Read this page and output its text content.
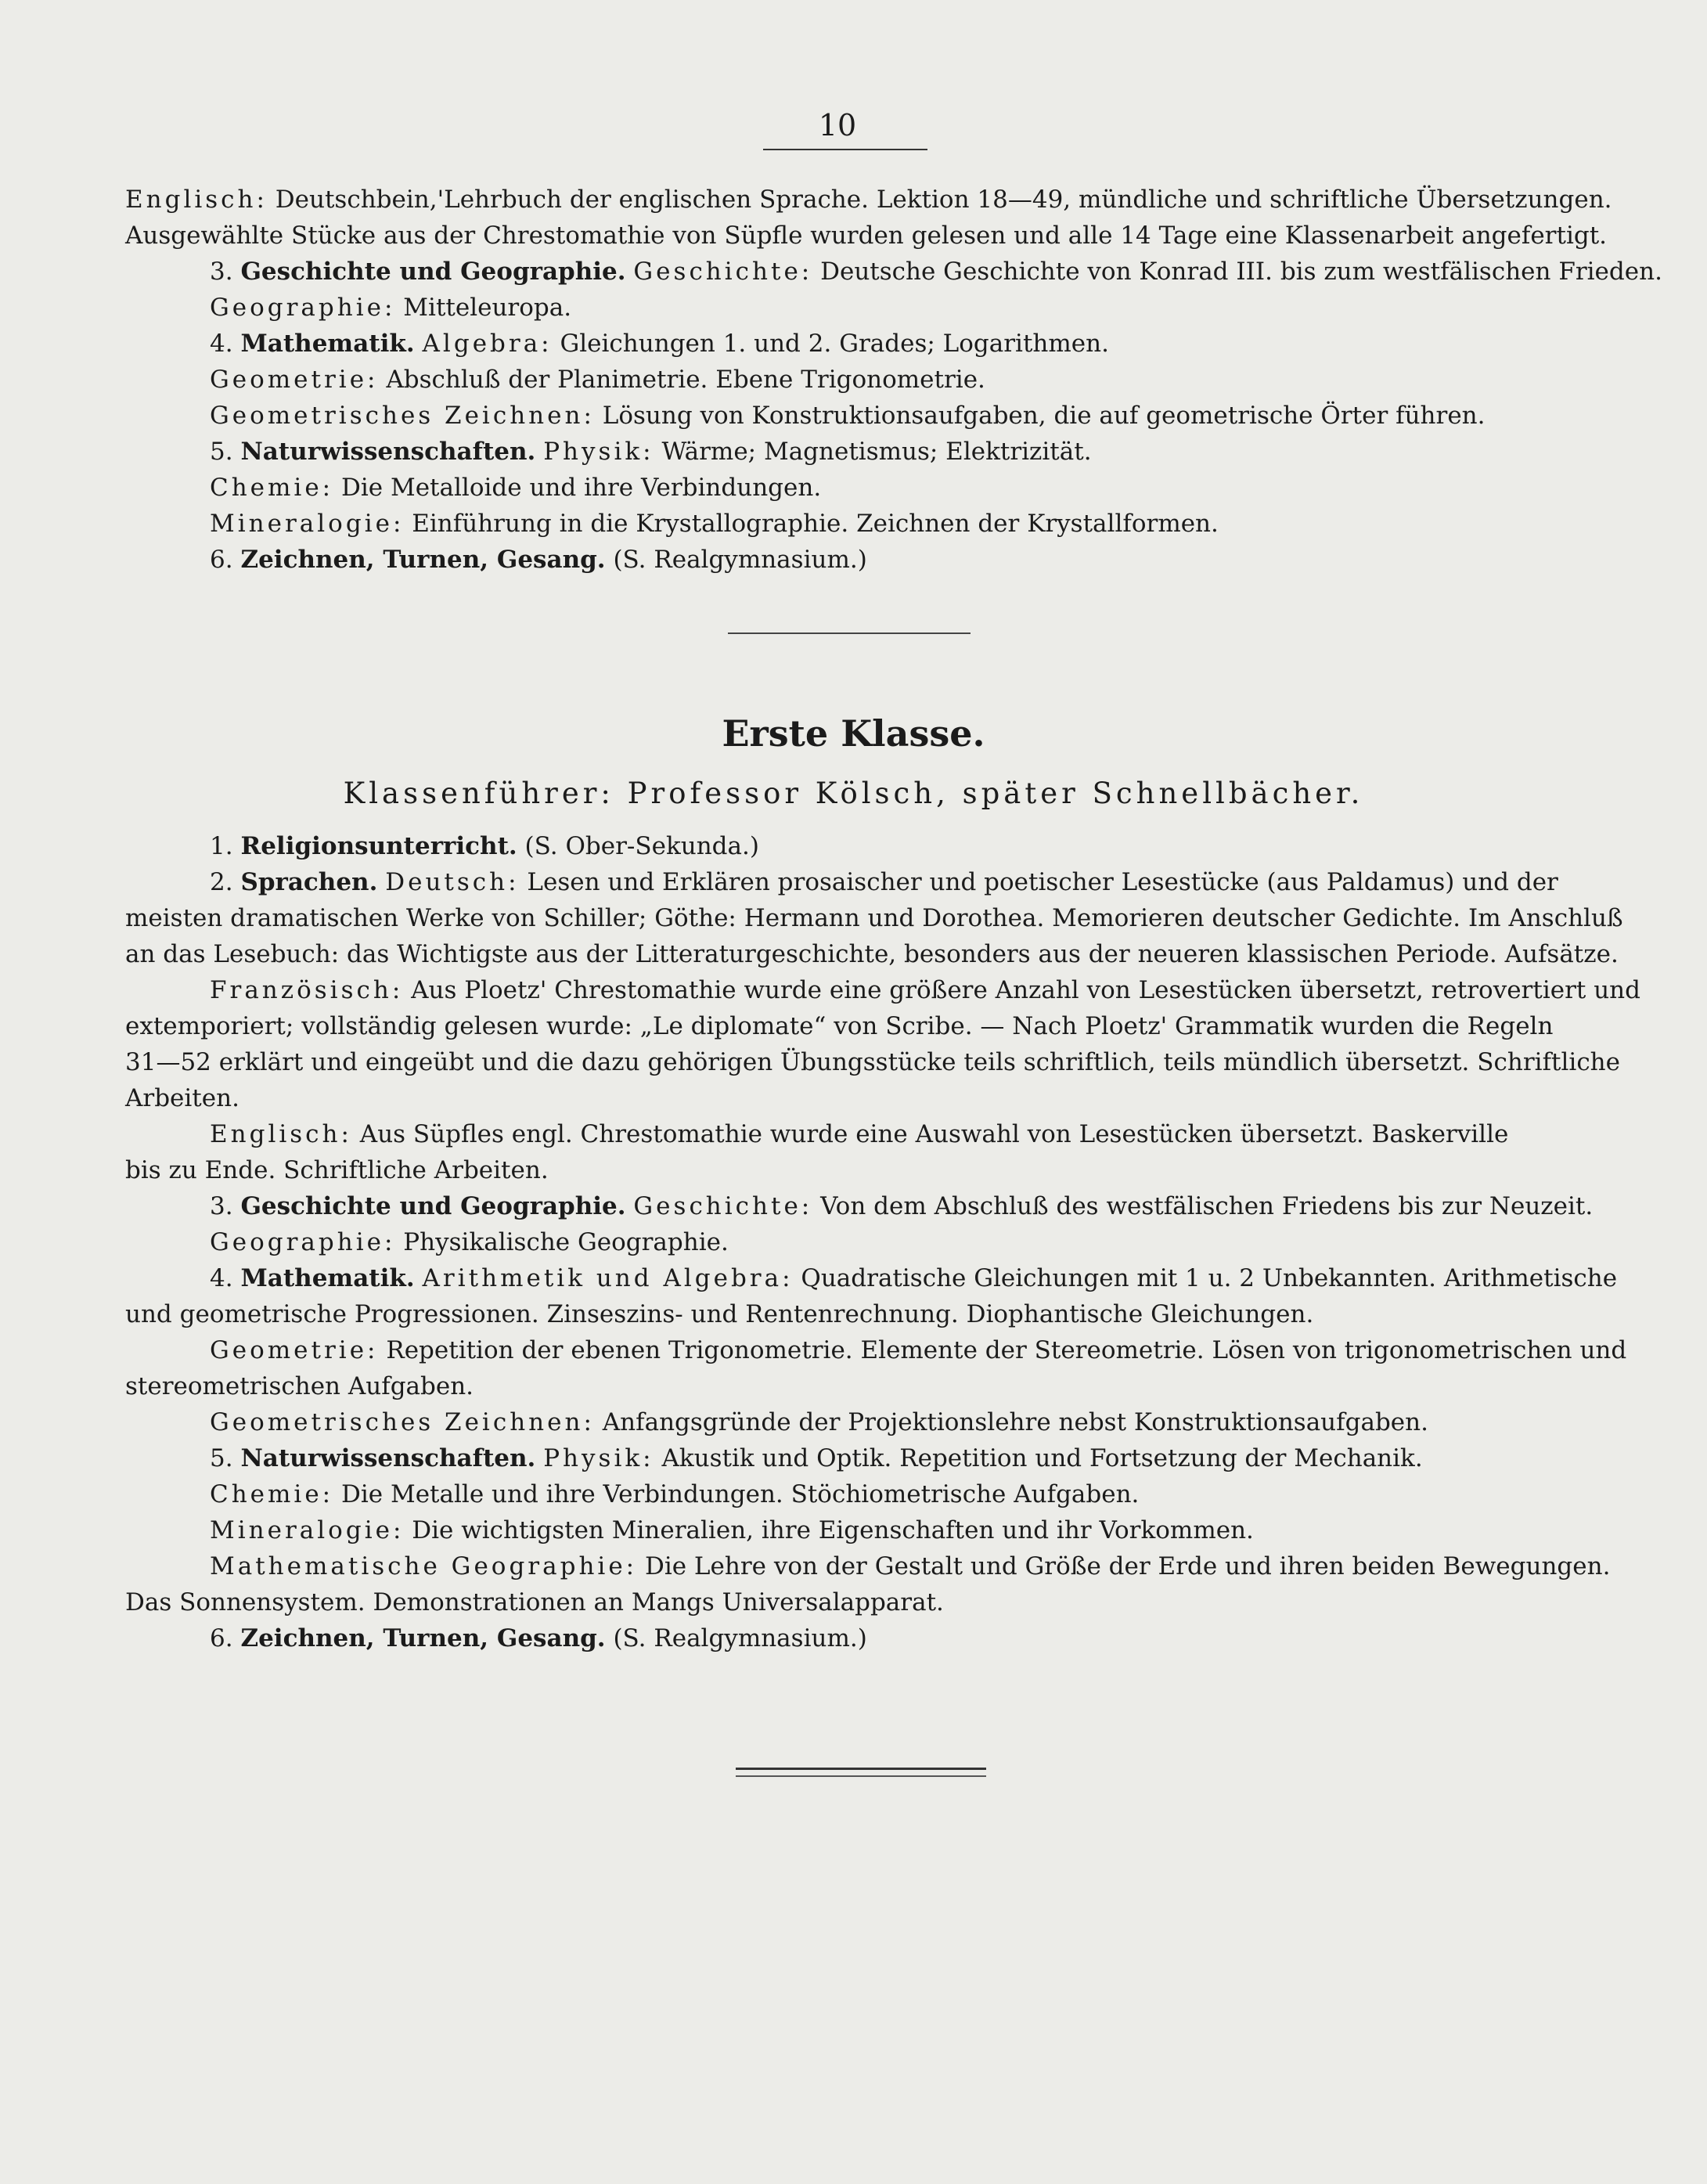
10
Englisch: Deutschbein,'Lehrbuch der englischen Sprache. Lektion 18—49, mündliche und schriftliche Übersetzungen.
Ausgewählte Stücke aus der Chrestomathie von Süpfle wurden gelesen und alle 14 Tage eine Klassenarbeit angefertigt.
3. Geschichte und Geographie. Geschichte: Deutsche Geschichte von Konrad III. bis zum westfälischen Frieden.
Geographie: Mitteleuropa.
4. Mathematik. Algebra: Gleichungen 1. und 2. Grades; Logarithmen.
Geometrie: Abschluß der Planimetrie. Ebene Trigonometrie.
Geometrisches Zeichnen: Lösung von Konstruktionsaufgaben, die auf geometrische Örter führen.
5. Naturwissenschaften. Physik: Wärme; Magnetismus; Elektrizität.
Chemie: Die Metalloide und ihre Verbindungen.
Mineralogie: Einführung in die Krystallographie. Zeichnen der Krystallformen.
6. Zeichnen, Turnen, Gesang. (S. Realgymnasium.)
Erste Klasse.
Klassenführer: Professor Kölsch, später Schnellbächer.
1. Religionsunterricht. (S. Ober-Sekunda.)
2. Sprachen. Deutsch: Lesen und Erklären prosaischer und poetischer Lesestücke (aus Paldamus) und der
meisten dramatischen Werke von Schiller; Göthe: Hermann und Dorothea. Memorieren deutscher Gedichte. Im Anschluß
an das Lesebuch: das Wichtigste aus der Litteraturgeschichte, besonders aus der neueren klassischen Periode. Aufsätze.
Französisch: Aus Ploetz' Chrestomathie wurde eine größere Anzahl von Lesestücken übersetzt, retrovertiert und
extemporiert; vollständig gelesen wurde: „Le diplomate“ von Scribe. — Nach Ploetz' Grammatik wurden die Regeln
31—52 erklärt und eingeübt und die dazu gehörigen Übungsstücke teils schriftlich, teils mündlich übersetzt. Schriftliche
Arbeiten.
Englisch: Aus Süpfles engl. Chrestomathie wurde eine Auswahl von Lesestücken übersetzt. Baskerville
bis zu Ende. Schriftliche Arbeiten.
3. Geschichte und Geographie. Geschichte: Von dem Abschluß des westfälischen Friedens bis zur Neuzeit.
Geographie: Physikalische Geographie.
4. Mathematik. Arithmetik und Algebra: Quadratische Gleichungen mit 1 u. 2 Unbekannten. Arithmetische
und geometrische Progressionen. Zinseszins- und Rentenrechnung. Diophantische Gleichungen.
Geometrie: Repetition der ebenen Trigonometrie. Elemente der Stereometrie. Lösen von trigonometrischen und
stereometrischen Aufgaben.
Geometrisches Zeichnen: Anfangsgründe der Projektionslehre nebst Konstruktionsaufgaben.
5. Naturwissenschaften. Physik: Akustik und Optik. Repetition und Fortsetzung der Mechanik.
Chemie: Die Metalle und ihre Verbindungen. Stöchiometrische Aufgaben.
Mineralogie: Die wichtigsten Mineralien, ihre Eigenschaften und ihr Vorkommen.
Mathematische Geographie: Die Lehre von der Gestalt und Größe der Erde und ihren beiden Bewegungen.
Das Sonnensystem. Demonstrationen an Mangs Universalapparat.
6. Zeichnen, Turnen, Gesang. (S. Realgymnasium.)
